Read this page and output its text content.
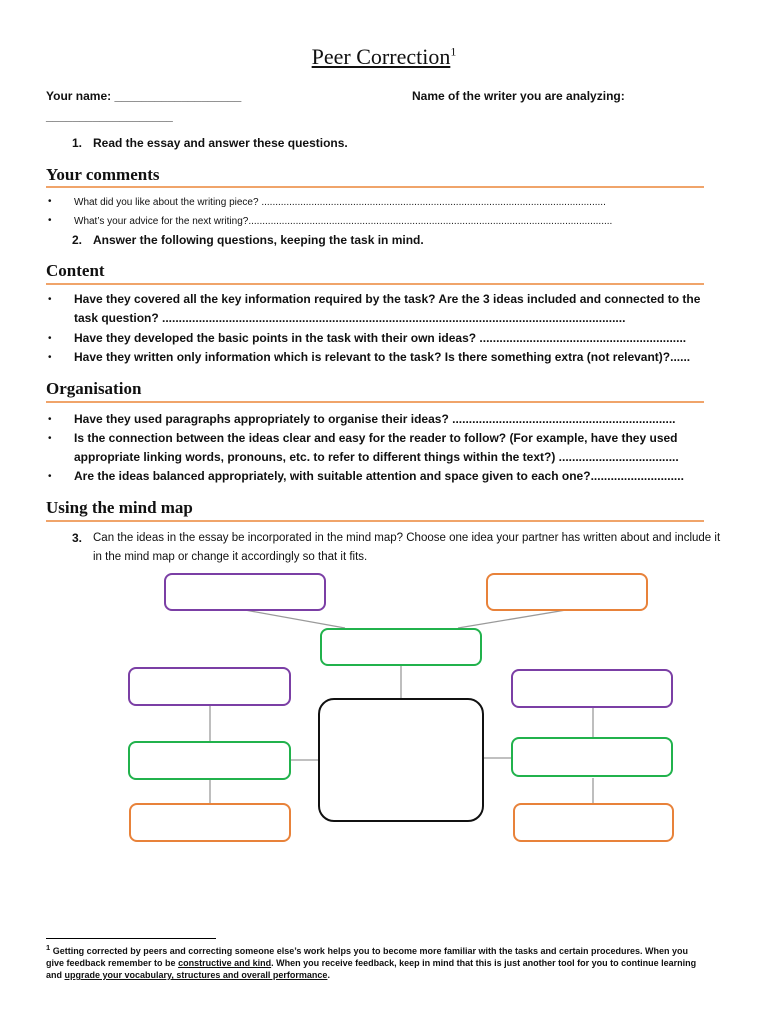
Peer Correction$^1$
Your name: ___________________	Name of the writer you are analyzing:
___________________
1. Read the essay and answer these questions.
Your comments
• What did you like about the writing piece? ............................................................................................................................
• What’s your advice for the next writing?...................................................................................................................................
2. Answer the following questions, keeping the task in mind.
Content
• Have they covered all the key information required by the task? Are the 3 ideas included and connected to the task question? ...........................................................................................................................................
• Have they developed the basic points in the task with their own ideas? ..............................................................
• Have they written only information which is relevant to the task? Is there something extra (not relevant)?......
Organisation
• Have they used paragraphs appropriately to organise their ideas? ...................................................................
• Is the connection between the ideas clear and easy for the reader to follow? (For example, have they used appropriate linking words, pronouns, etc. to refer to different things within the text?) ....................................
• Are the ideas balanced appropriately, with suitable attention and space given to each one?............................
Using the mind map
3. Can the ideas in the essay be incorporated in the mind map? Choose one idea your partner has written about and include it in the mind map or change it accordingly so that it fits.
$^1$ Getting corrected by peers and correcting someone else’s work helps you to become more familiar with the tasks and certain procedures. When you give feedback remember to be constructive and kind. When you receive feedback, keep in mind that this is just another tool for you to continue learning and upgrade your vocabulary, structures and overall performance.
